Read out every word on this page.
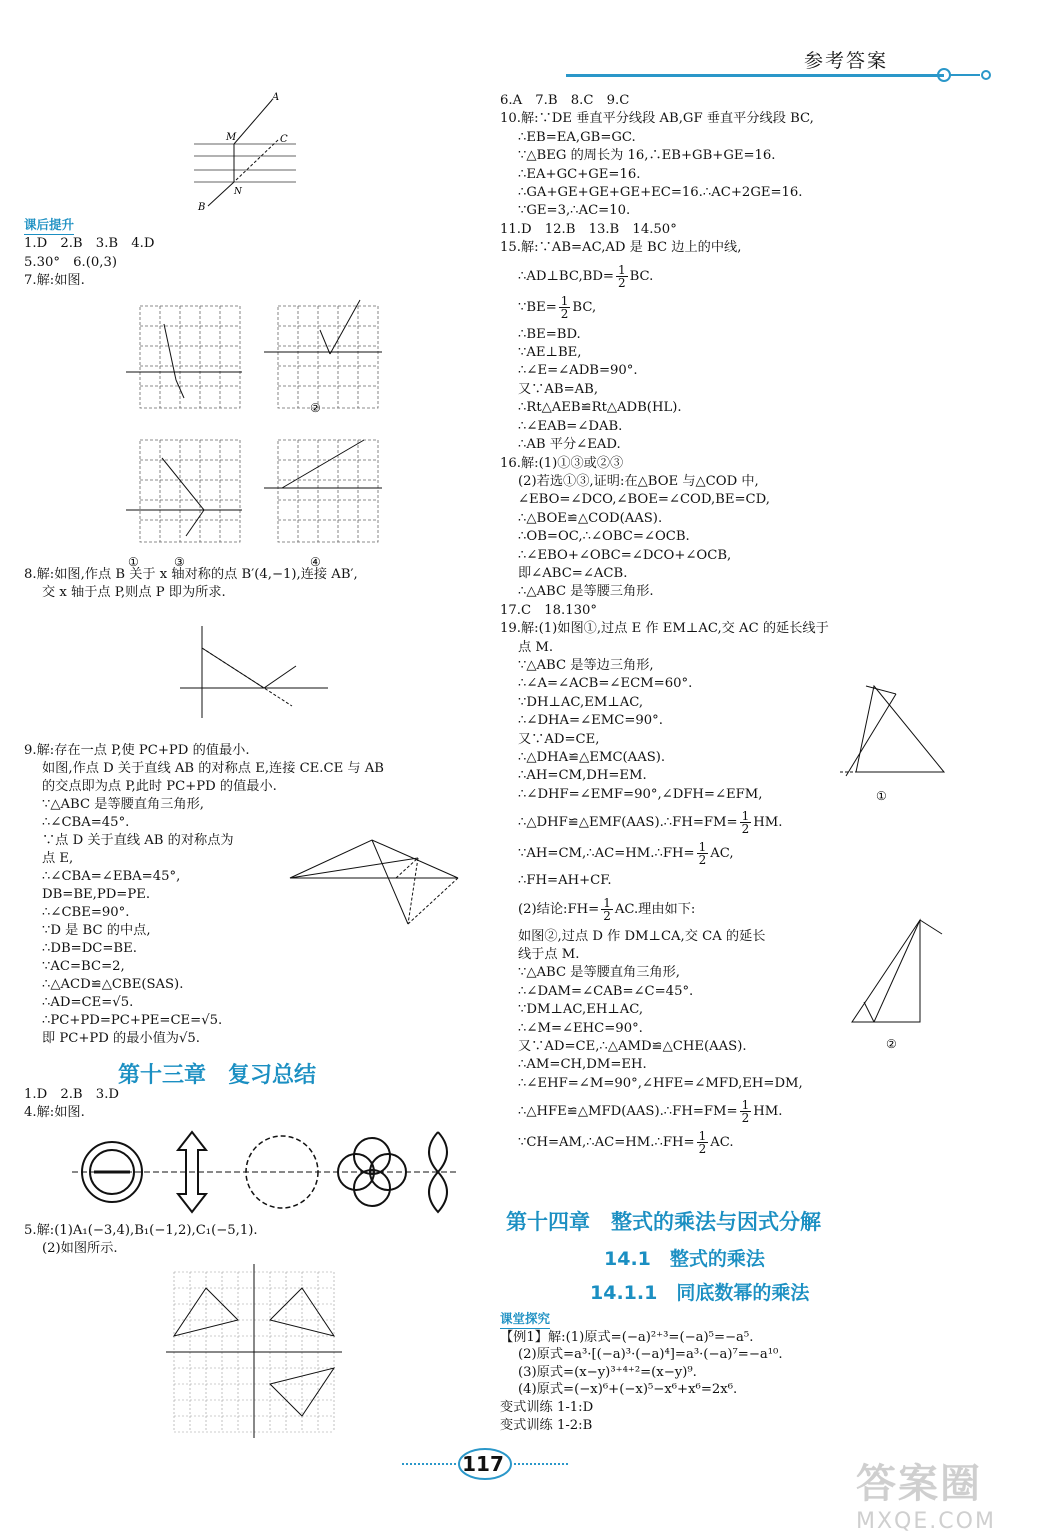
参考答案
A
M	C
N
B

课后提升

1.D　2.B　3.B　4.D

5.30°　6.(0,3)

7.解:如图.

①
②
③	④

8.解:如图,作点 B 关于 x 轴对称的点 B′(4,−1),连接 AB′,

交 x 轴于点 P,则点 P 即为所求.

9.解:存在一点 P,使 PC+PD 的值最小.

如图,作点 D 关于直线 AB 的对称点 E,连接 CE.CE 与 AB

的交点即为点 P,此时 PC+PD 的值最小.

∵△ABC 是等腰直角三角形,

∴∠CBA=45°.

∵点 D 关于直线 AB 的对称点为

点 E,

∴∠CBA=∠EBA=45°,

DB=BE,PD=PE.

∴∠CBE=90°.

∵D 是 BC 的中点,

∴DB=DC=BE.

∵AC=BC=2,

∴△ACD≌△CBE(SAS).

∴AD=CE=√5.

∴PC+PD=PC+PE=CE=√5.

即 PC+PD 的最小值为√5.

第十三章　复习总结

1.D　2.B　3.D

4.解:如图.

5.解:(1)A₁(−3,4),B₁(−1,2),C₁(−5,1).

(2)如图所示.

6.A　7.B　8.C　9.C

10.解:∵DE 垂直平分线段 AB,GF 垂直平分线段 BC,

∴EB=EA,GB=GC.

∵△BEG 的周长为 16,∴EB+GB+GE=16.

∴EA+GC+GE=16.

∴GA+GE+GE+GE+EC=16.∴AC+2GE=16.

∵GE=3,∴AC=10.

11.D　12.B　13.B　14.50°

15.解:∵AB=AC,AD 是 BC 边上的中线,

∴AD⊥BC,BD= $\frac{1}{2}$ BC.

∵BE= $\frac{1}{2}$ BC,

∴BE=BD.

∵AE⊥BE,

∴∠E=∠ADB=90°.

又∵AB=AB,

∴Rt△AEB≌Rt△ADB(HL).

∴∠EAB=∠DAB.

∴AB 平分∠EAD.

16.解:(1)①③或②③

(2)若选①③,证明:在△BOE 与△COD 中,

∠EBO=∠DCO,∠BOE=∠COD,BE=CD,

∴△BOE≌△COD(AAS).

∴OB=OC,∴∠OBC=∠OCB.

∴∠EBO+∠OBC=∠DCO+∠OCB,

即∠ABC=∠ACB.

∴△ABC 是等腰三角形.

17.C　18.130°

19.解:(1)如图①,过点 E 作 EM⊥AC,交 AC 的延长线于

点 M.

∵△ABC 是等边三角形,

∴∠A=∠ACB=∠ECM=60°.

∵DH⊥AC,EM⊥AC,

∴∠DHA=∠EMC=90°.

又∵AD=CE,

∴△DHA≌△EMC(AAS).

∴AH=CM,DH=EM.

∴∠DHF=∠EMF=90°,∠DFH=∠EFM,

∴△DHF≌△EMF(AAS).∴FH=FM= $\frac{1}{2}$ HM.

∵AH=CM,∴AC=HM.∴FH= $\frac{1}{2}$ AC,

∴FH=AH+CF.

(2)结论:FH= $\frac{1}{2}$ AC.理由如下:

如图②,过点 D 作 DM⊥CA,交 CA 的延长

线于点 M.

∵△ABC 是等腰直角三角形,

∴∠DAM=∠CAB=∠C=45°.

∵DM⊥AC,EH⊥AC,

∴∠M=∠EHC=90°.

又∵AD=CE,∴△AMD≌△CHE(AAS).

∴AM=CH,DM=EH.

∴∠EHF=∠M=90°,∠HFE=∠MFD,EH=DM,

∴△HFE≌△MFD(AAS).∴FH=FM= $\frac{1}{2}$ HM.

∵CH=AM,∴AC=HM.∴FH= $\frac{1}{2}$ AC.

①
②
第十四章　整式的乘法与因式分解
14.1　整式的乘法
14.1.1　同底数幂的乘法

课堂探究

【例1】解:(1)原式=(−a)²⁺³=(−a)⁵=−a⁵.

(2)原式=a³·[(−a)³·(−a)⁴]=a³·(−a)⁷=−a¹⁰.

(3)原式=(x−y)³⁺⁴⁺²=(x−y)⁹.

(4)原式=(−x)⁶+(−x)⁵−x⁶+x⁶=2x⁶.

变式训练 1-1:D

变式训练 1-2:B

117	答案圈
MXQE.COM
